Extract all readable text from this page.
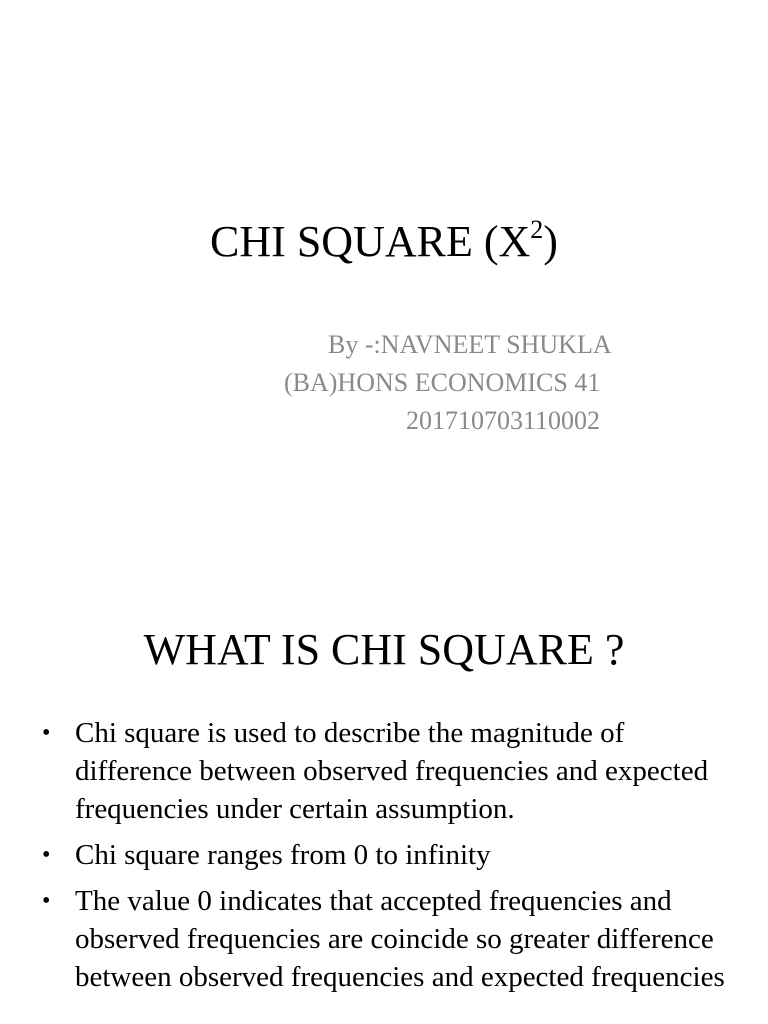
CHI SQUARE $(X^2)$
By -:NAVNEET SHUKLA
(BA)HONS ECONOMICS 41
201710703110002
WHAT IS CHI SQUARE ?
• Chi square is used to describe the magnitude of difference between observed frequencies and expected frequencies under certain assumption.
• Chi square ranges from 0 to infinity
• The value 0 indicates that accepted frequencies and observed frequencies are coincide so greater difference between observed frequencies and expected frequencies
